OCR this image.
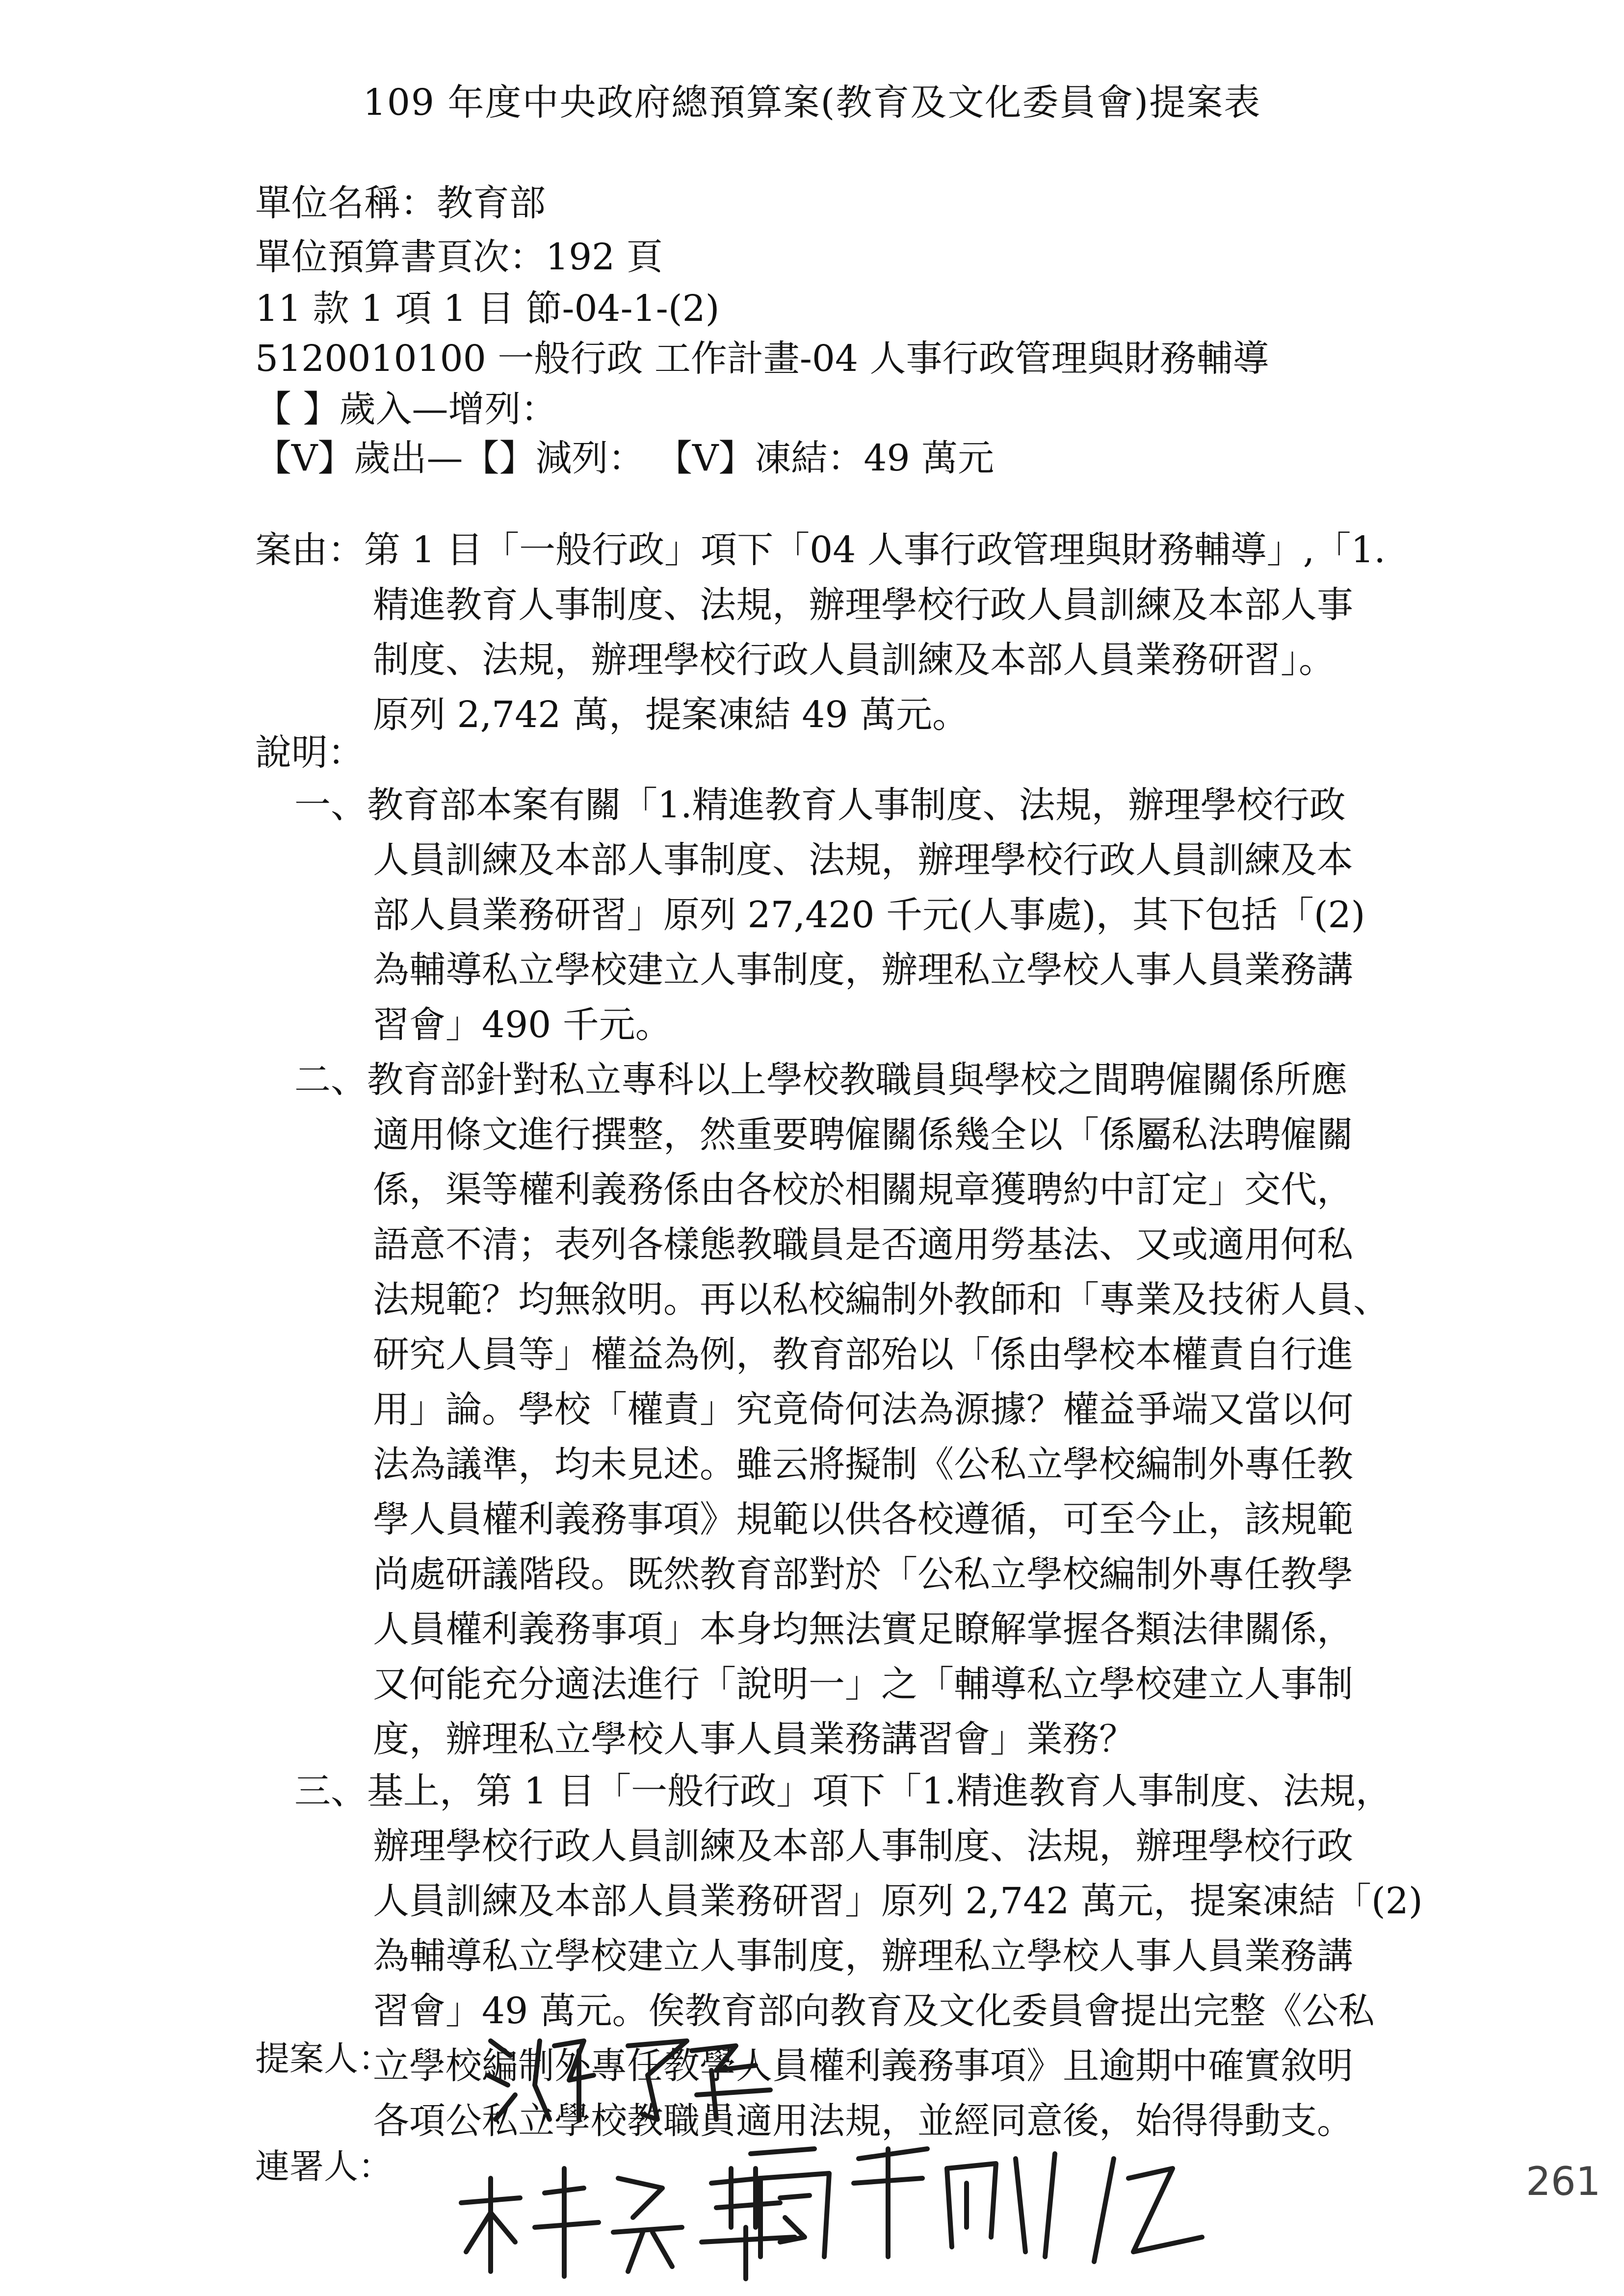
109 年度中央政府總預算案(教育及文化委員會)提案表
單位名稱：教育部
單位預算書頁次：192 頁
11 款 1 項 1 目 節-04-1-(2)
5120010100 一般行政 工作計畫-04 人事行政管理與財務輔導
【 】歲入—增列：
【V】歲出—【】減列： 【V】凍結：49 萬元
案由：第 1 目「一般行政」項下「04 人事行政管理與財務輔導」,「1.
精進教育人事制度、法規，辦理學校行政人員訓練及本部人事
制度、法規，辦理學校行政人員訓練及本部人員業務研習」。
原列 2,742 萬，提案凍結 49 萬元。
說明：
一、教育部本案有關「1.精進教育人事制度、法規，辦理學校行政
人員訓練及本部人事制度、法規，辦理學校行政人員訓練及本
部人員業務研習」原列 27,420 千元(人事處)，其下包括「(2)
為輔導私立學校建立人事制度，辦理私立學校人事人員業務講
習會」490 千元。
二、教育部針對私立專科以上學校教職員與學校之間聘僱關係所應
適用條文進行撰整，然重要聘僱關係幾全以「係屬私法聘僱關
係，渠等權利義務係由各校於相關規章獲聘約中訂定」交代，
語意不清；表列各樣態教職員是否適用勞基法、又或適用何私
法規範？均無敘明。再以私校編制外教師和「專業及技術人員、
研究人員等」權益為例，教育部殆以「係由學校本權責自行進
用」論。學校「權責」究竟倚何法為源據？權益爭端又當以何
法為議準，均未見述。雖云將擬制《公私立學校編制外專任教
學人員權利義務事項》規範以供各校遵循，可至今止，該規範
尚處研議階段。既然教育部對於「公私立學校編制外專任教學
人員權利義務事項」本身均無法實足瞭解掌握各類法律關係，
又何能充分適法進行「說明一」之「輔導私立學校建立人事制
度，辦理私立學校人事人員業務講習會」業務？
三、基上，第 1 目「一般行政」項下「1.精進教育人事制度、法規，
辦理學校行政人員訓練及本部人事制度、法規，辦理學校行政
人員訓練及本部人員業務研習」原列 2,742 萬元，提案凍結「(2)
為輔導私立學校建立人事制度，辦理私立學校人事人員業務講
習會」49 萬元。俟教育部向教育及文化委員會提出完整《公私
立學校編制外專任教學人員權利義務事項》且逾期中確實敘明
各項公私立學校教職員適用法規，並經同意後，始得得動支。
提案人：
連署人：	261
